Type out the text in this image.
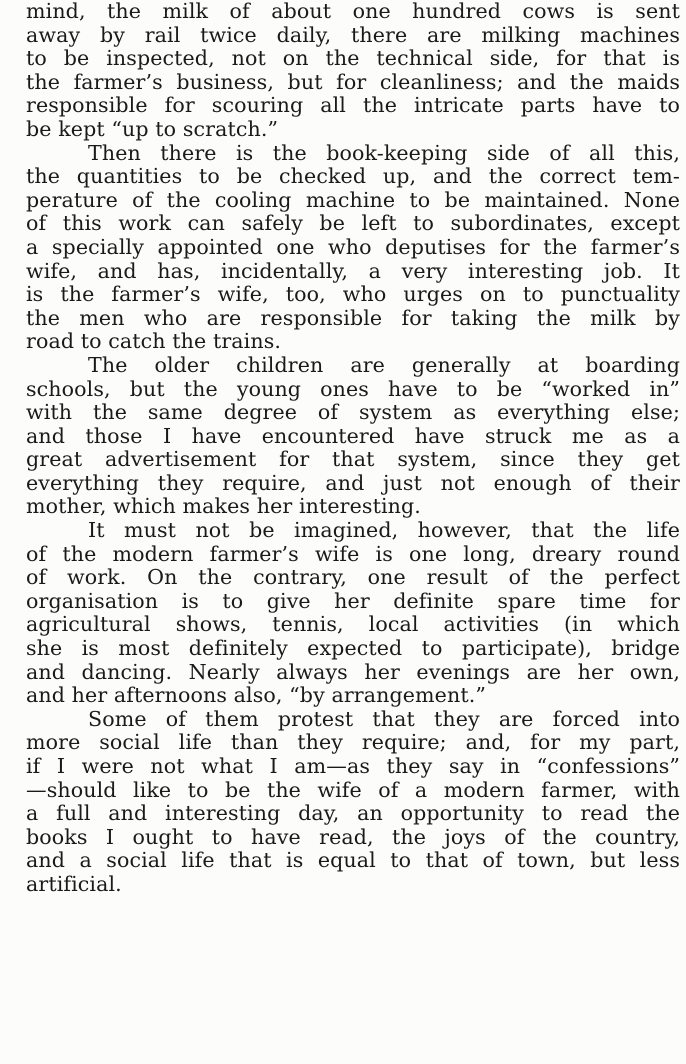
mind, the milk of about one hundred cows is sent
away by rail twice daily, there are milking machines
to be inspected, not on the technical side, for that is
the farmer’s business, but for cleanliness; and the maids
responsible for scouring all the intricate parts have to
be kept “up to scratch.”
Then there is the book-keeping side of all this,
the quantities to be checked up, and the correct tem-
perature of the cooling machine to be maintained. None
of this work can safely be left to subordinates, except
a specially appointed one who deputises for the farmer’s
wife, and has, incidentally, a very interesting job. It
is the farmer’s wife, too, who urges on to punctuality
the men who are responsible for taking the milk by
road to catch the trains.
The older children are generally at boarding
schools, but the young ones have to be “worked in”
with the same degree of system as everything else;
and those I have encountered have struck me as a
great advertisement for that system, since they get
everything they require, and just not enough of their
mother, which makes her interesting.
It must not be imagined, however, that the life
of the modern farmer’s wife is one long, dreary round
of work. On the contrary, one result of the perfect
organisation is to give her definite spare time for
agricultural shows, tennis, local activities (in which
she is most definitely expected to participate), bridge
and dancing. Nearly always her evenings are her own,
and her afternoons also, “by arrangement.”
Some of them protest that they are forced into
more social life than they require; and, for my part,
if I were not what I am—as they say in “confessions”
—should like to be the wife of a modern farmer, with
a full and interesting day, an opportunity to read the
books I ought to have read, the joys of the country,
and a social life that is equal to that of town, but less
artificial.
